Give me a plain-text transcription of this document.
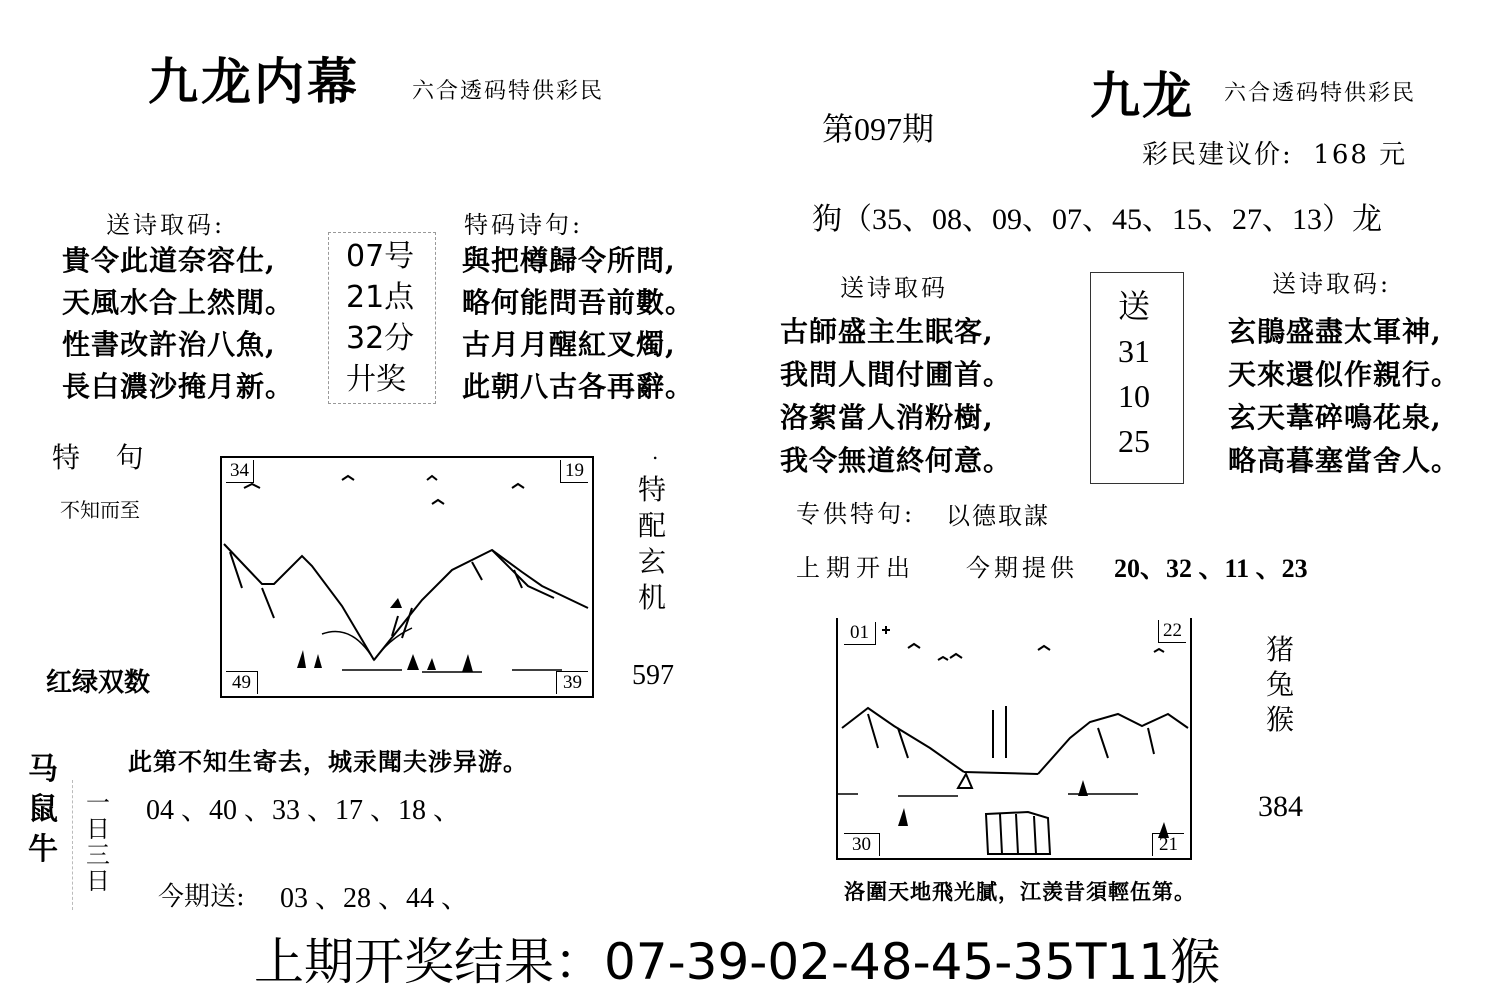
九龙内幕 六合透码特供彩民
送诗取码:
貴令此道奈容仕,
天風水合上然閒。
性書改許治八魚,
長白濃沙掩月新。
07号
21点
32分
廾奖
特码诗句:
與把樽歸令所問,
略何能問吾前數。
古月月醒紅叉燭,
此朝八古各再辭。
特    句
不知而至
红绿双数
34	19
49	39
.
特
配
玄
机
597
此第不知生寄去，城汞聞夫涉异游。
马
鼠
牛
一
日
三
日
04 、40 、33 、17 、18 、
今期送: 03 、28 、44 、
第097期
九龙 六合透码特供彩民
彩民建议价:  168 元
狗（35、08、09、07、45、15、27、13）龙
送诗取码
古師盛主生眠客,
我問人間付圃首。
洛絮當人消粉樹,
我令無道終何意。
送
31
10
25
送诗取码:
玄鵑盛盡太軍神,
天來還似作親行。
玄天葦碎鳴花泉,
略高暮塞當舍人。
专供特句: 以德取謀
上期开出 今期提供 20、32 、11 、23
01	22
30	21
猪
兔
猴
384
洛圍天地飛光膩，江羡昔須輕伍第。
上期开奖结果：07-39-02-48-45-35T11猴
